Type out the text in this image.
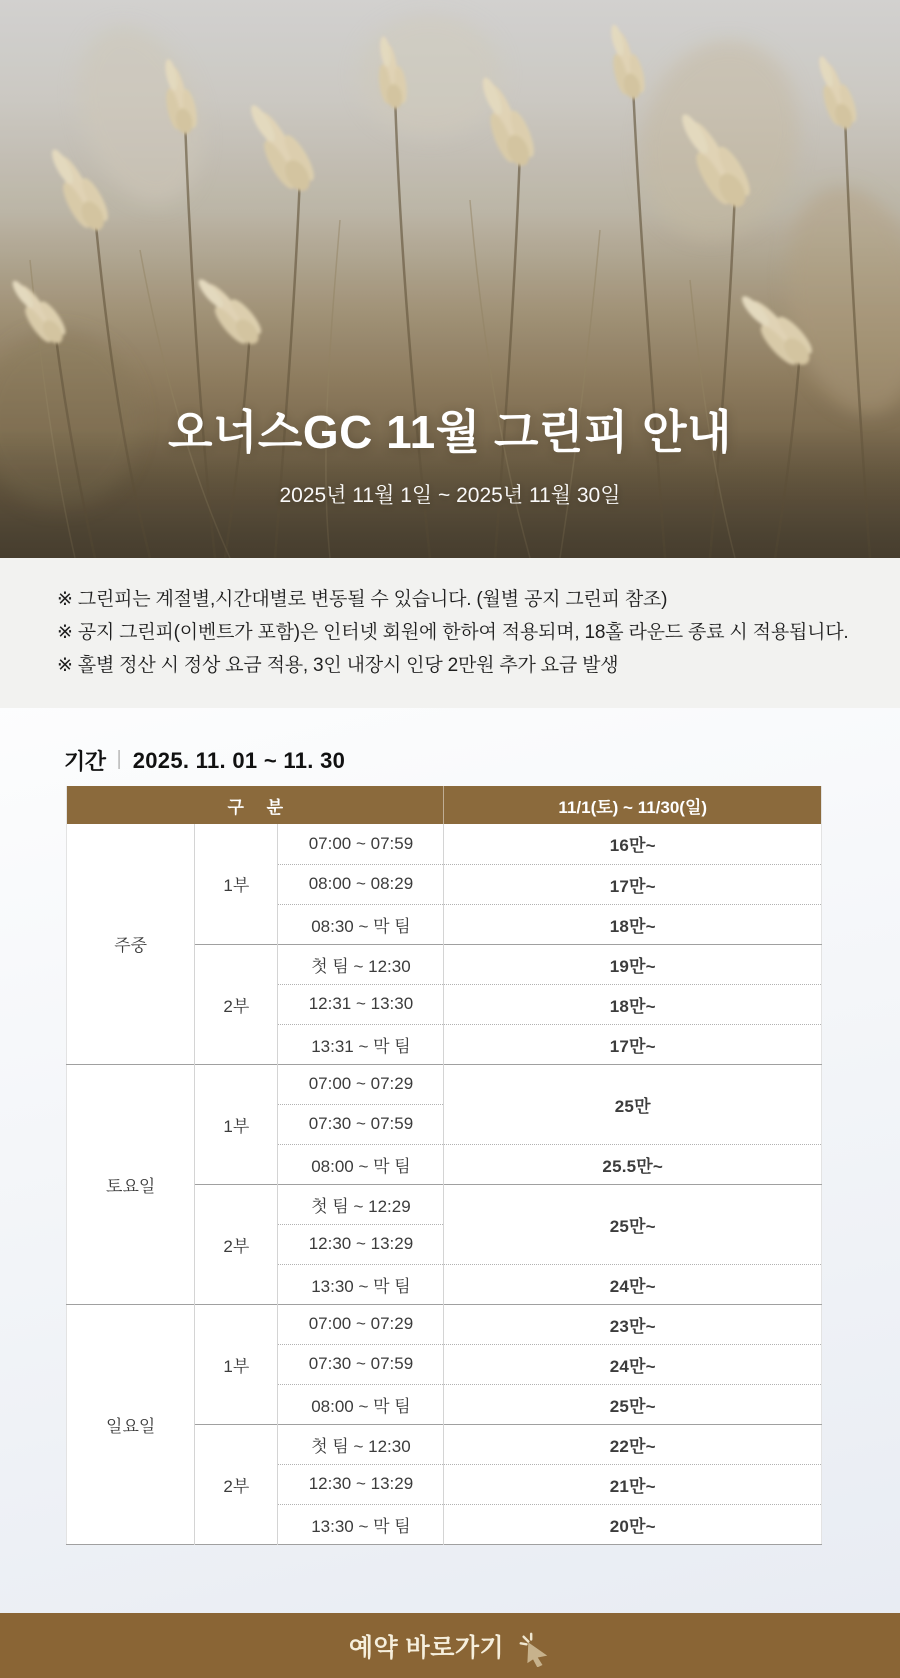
오너스GC 11월 그린피 안내
2025년 11월 1일 ~ 2025년 11월 30일
※ 그린피는 계절별,시간대별로 변동될 수 있습니다. (월별 공지 그린피 참조)
※ 공지 그린피(이벤트가 포함)은 인터넷 회원에 한하여 적용되며, 18홀 라운드 종료 시 적용됩니다.
※ 홀별 정산 시 정상 요금 적용, 3인 내장시 인당 2만원 추가 요금 발생
기간 | 2025. 11. 01 ~ 11. 30
구 분			11/1(토) ~ 11/30(일)
주중	1부	07:00 ~ 07:59	16만~
		08:00 ~ 08:29	17만~
		08:30 ~ 막 팀	18만~
	2부	첫 팀 ~ 12:30	19만~
		12:31 ~ 13:30	18만~
		13:31 ~ 막 팀	17만~
토요일	1부	07:00 ~ 07:29	25만
		07:30 ~ 07:59	
		08:00 ~ 막 팀	25.5만~
	2부	첫 팀 ~ 12:29	25만~
		12:30 ~ 13:29	
		13:30 ~ 막 팀	24만~
일요일	1부	07:00 ~ 07:29	23만~
		07:30 ~ 07:59	24만~
		08:00 ~ 막 팀	25만~
	2부	첫 팀 ~ 12:30	22만~
		12:30 ~ 13:29	21만~
		13:30 ~ 막 팀	20만~
예약 바로가기
